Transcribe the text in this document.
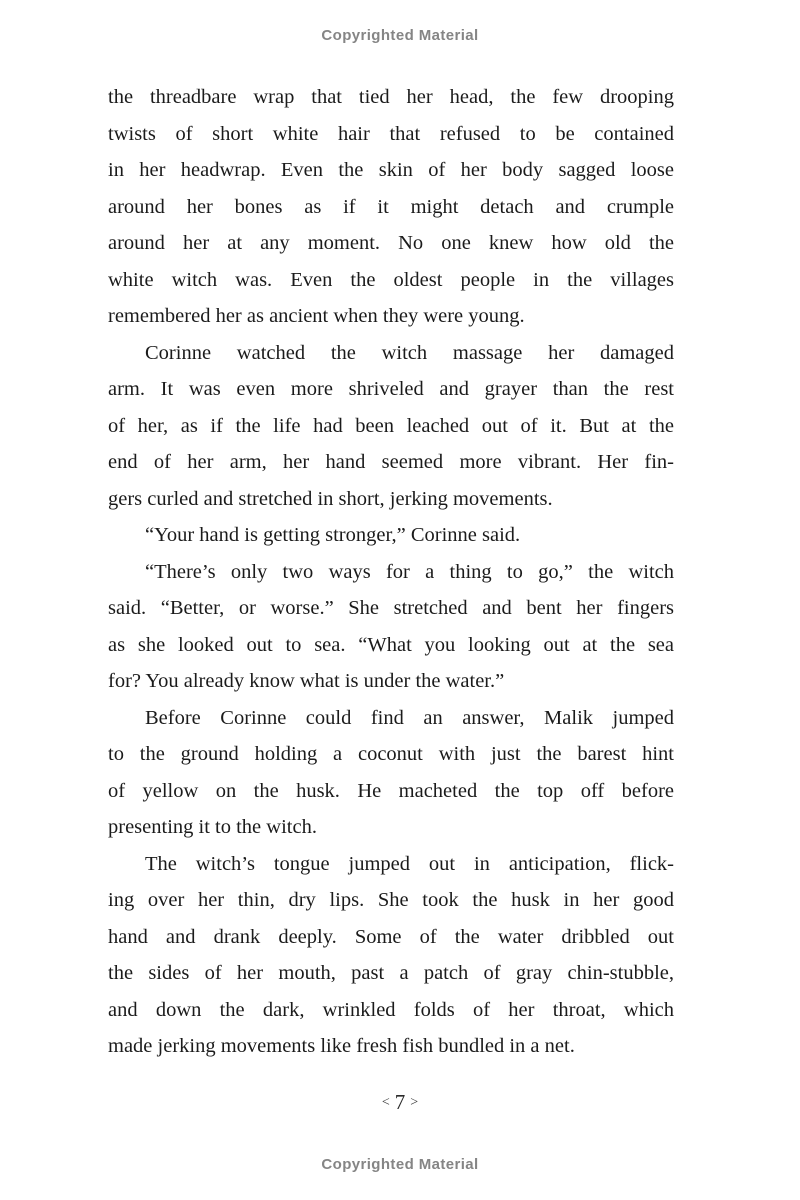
Copyrighted Material
the threadbare wrap that tied her head, the few drooping
twists of short white hair that refused to be contained
in her headwrap. Even the skin of her body sagged loose
around her bones as if it might detach and crumple
around her at any moment. No one knew how old the
white witch was. Even the oldest people in the villages
remembered her as ancient when they were young.
Corinne watched the witch massage her damaged
arm. It was even more shriveled and grayer than the rest
of her, as if the life had been leached out of it. But at the
end of her arm, her hand seemed more vibrant. Her fin-
gers curled and stretched in short, jerking movements.
“Your hand is getting stronger,” Corinne said.
“There’s only two ways for a thing to go,” the witch
said. “Better, or worse.” She stretched and bent her fingers
as she looked out to sea. “What you looking out at the sea
for? You already know what is under the water.”
Before Corinne could find an answer, Malik jumped
to the ground holding a coconut with just the barest hint
of yellow on the husk. He macheted the top off before
presenting it to the witch.
The witch’s tongue jumped out in anticipation, flick-
ing over her thin, dry lips. She took the husk in her good
hand and drank deeply. Some of the water dribbled out
the sides of her mouth, past a patch of gray chin-stubble,
and down the dark, wrinkled folds of her throat, which
made jerking movements like fresh fish bundled in a net.
< 7 >
Copyrighted Material
